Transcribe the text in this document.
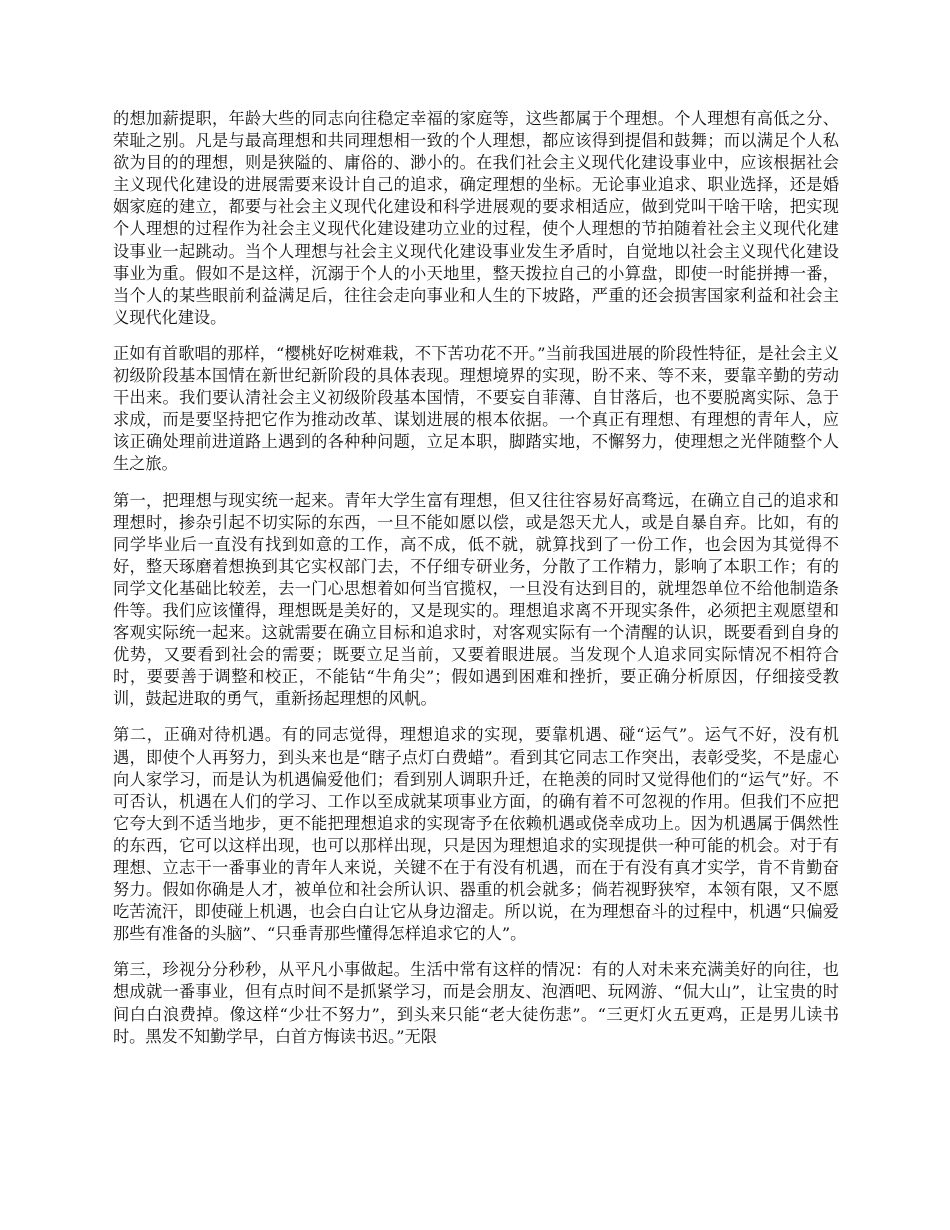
的想加薪提职，年龄大些的同志向往稳定幸福的家庭等，这些都属于个理想。个人理想有高低之分、荣耻之别。凡是与最高理想和共同理想相一致的个人理想，都应该得到提倡和鼓舞；而以满足个人私欲为目的的理想，则是狭隘的、庸俗的、渺小的。在我们社会主义现代化建设事业中，应该根据社会主义现代化建设的进展需要来设计自己的追求，确定理想的坐标。无论事业追求、职业选择，还是婚姻家庭的建立，都要与社会主义现代化建设和科学进展观的要求相适应，做到党叫干啥干啥，把实现个人理想的过程作为社会主义现代化建设建功立业的过程，使个人理想的节拍随着社会主义现代化建设事业一起跳动。当个人理想与社会主义现代化建设事业发生矛盾时，自觉地以社会主义现代化建设事业为重。假如不是这样，沉溺于个人的小天地里，整天拨拉自己的小算盘，即使一时能拼搏一番，当个人的某些眼前利益满足后，往往会走向事业和人生的下坡路，严重的还会损害国家利益和社会主义现代化建设。

正如有首歌唱的那样，“樱桃好吃树难栽，不下苦功花不开。”当前我国进展的阶段性特征，是社会主义初级阶段基本国情在新世纪新阶段的具体表现。理想境界的实现，盼不来、等不来，要靠辛勤的劳动干出来。我们要认清社会主义初级阶段基本国情，不要妄自菲薄、自甘落后，也不要脱离实际、急于求成，而是要坚持把它作为推动改革、谋划进展的根本依据。一个真正有理想、有理想的青年人，应该正确处理前进道路上遇到的各种种问题，立足本职，脚踏实地，不懈努力，使理想之光伴随整个人生之旅。

第一，把理想与现实统一起来。青年大学生富有理想，但又往往容易好高骛远，在确立自己的追求和理想时，掺杂引起不切实际的东西，一旦不能如愿以偿，或是怨天尤人，或是自暴自弃。比如，有的同学毕业后一直没有找到如意的工作，高不成，低不就，就算找到了一份工作，也会因为其觉得不好，整天琢磨着想换到其它实权部门去，不仔细专研业务，分散了工作精力，影响了本职工作；有的同学文化基础比较差，去一门心思想着如何当官揽权，一旦没有达到目的，就埋怨单位不给他制造条件等。我们应该懂得，理想既是美好的，又是现实的。理想追求离不开现实条件，必须把主观愿望和客观实际统一起来。这就需要在确立目标和追求时，对客观实际有一个清醒的认识，既要看到自身的优势，又要看到社会的需要；既要立足当前，又要着眼进展。当发现个人追求同实际情况不相符合时，要要善于调整和校正，不能钻“牛角尖”；假如遇到困难和挫折，要正确分析原因，仔细接受教训，鼓起进取的勇气，重新扬起理想的风帆。

第二，正确对待机遇。有的同志觉得，理想追求的实现，要靠机遇、碰“运气”。运气不好，没有机遇，即使个人再努力，到头来也是“瞎子点灯白费蜡”。看到其它同志工作突出，表彰受奖，不是虚心向人家学习，而是认为机遇偏爱他们；看到别人调职升迁，在艳羡的同时又觉得他们的“运气”好。不可否认，机遇在人们的学习、工作以至成就某项事业方面，的确有着不可忽视的作用。但我们不应把它夸大到不适当地步，更不能把理想追求的实现寄予在依赖机遇或侥幸成功上。因为机遇属于偶然性的东西，它可以这样出现，也可以那样出现，只是因为理想追求的实现提供一种可能的机会。对于有理想、立志干一番事业的青年人来说，关键不在于有没有机遇，而在于有没有真才实学，肯不肯勤奋努力。假如你确是人才，被单位和社会所认识、器重的机会就多；倘若视野狭窄，本领有限，又不愿吃苦流汗，即使碰上机遇，也会白白让它从身边溜走。所以说，在为理想奋斗的过程中，机遇“只偏爱那些有准备的头脑”、“只垂青那些懂得怎样追求它的人”。

第三，珍视分分秒秒，从平凡小事做起。生活中常有这样的情况：有的人对未来充满美好的向往，也想成就一番事业，但有点时间不是抓紧学习，而是会朋友、泡酒吧、玩网游、“侃大山”，让宝贵的时间白白浪费掉。像这样“少壮不努力”，到头来只能“老大徒伤悲”。“三更灯火五更鸡，正是男儿读书时。黑发不知勤学早，白首方悔读书迟。”无限
